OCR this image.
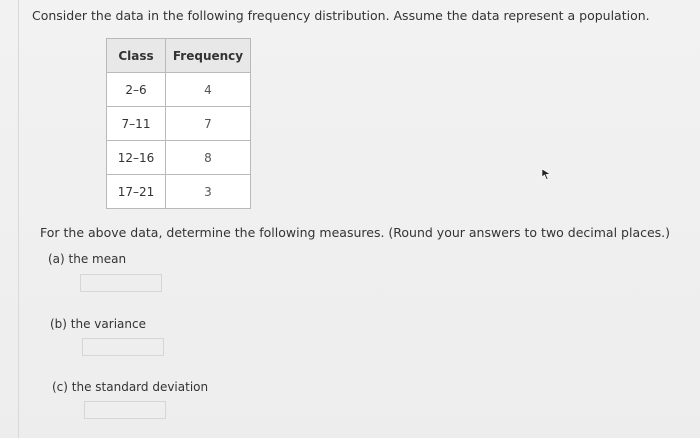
Consider the data in the following frequency distribution. Assume the data represent a population.
Class	Frequency
2–6	4
7–11	7
12–16	8
17–21	3
For the above data, determine the following measures. (Round your answers to two decimal places.)
(a) the mean
(b) the variance
(c) the standard deviation
